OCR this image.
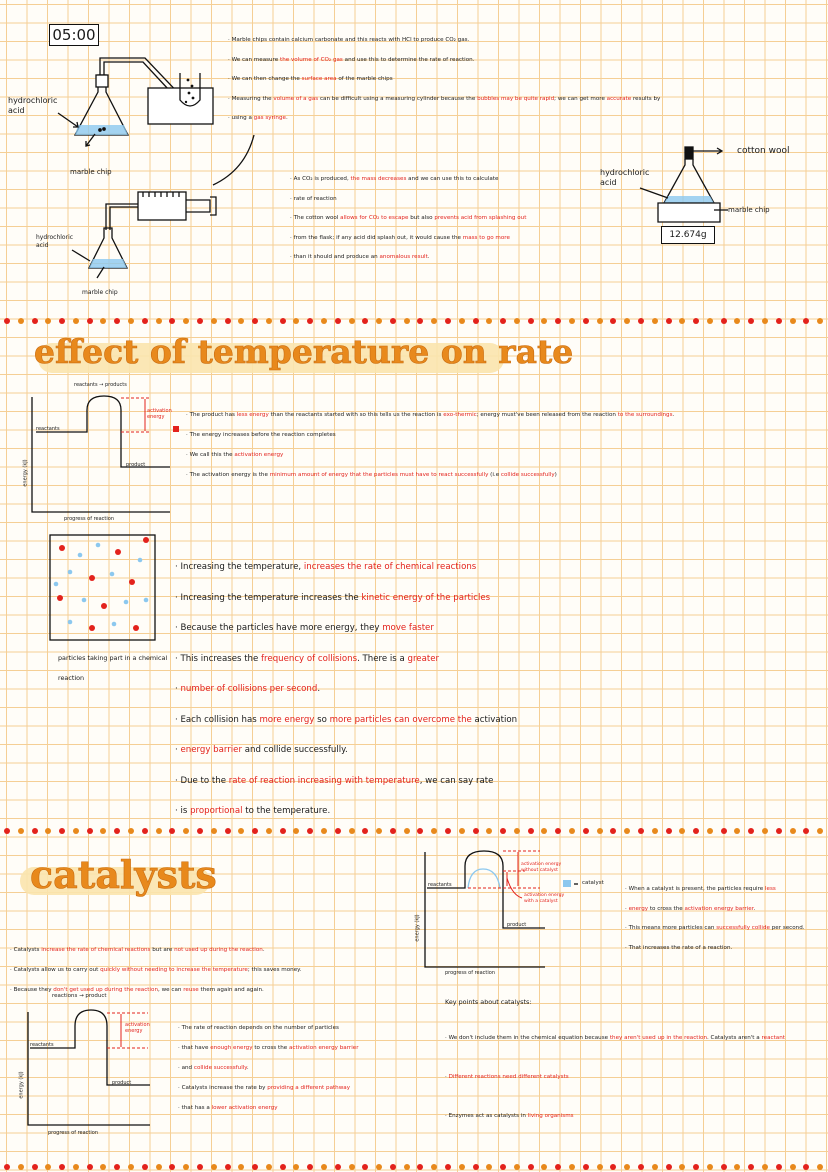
05:00
12.674g
hydrochloric acid
marble chip
hydrochloric acid
marble chip
hydrochloric acid
marble chip
cotton wool
· Marble chips contain calcium carbonate and this reacts with HCl to produce CO₂ gas.
· We can measure the volume of CO₂ gas and use this to determine the rate of reaction.
· We can then change the surface area of the marble chips
· Measuring the volume of a gas can be difficult using a measuring cylinder because the bubbles may be quite rapid; we can get more accurate results by
· using a gas syringe.
· As CO₂ is produced, the mass decreases and we can use this to calculate
· rate of reaction
· The cotton wool allows for CO₂ to escape but also prevents acid from splashing out
· from the flask; if any acid did splash out, it would cause the mass to go more
· than it should and produce an anomalous result.
effect of temperature on rate
reactants → products
reactants
product
activation energy
energy (kJ)
progress of reaction
· The product has less energy than the reactants started with so this tells us the reaction is exo-thermic; energy must've been released from the reaction to the surroundings.
· The energy increases before the reaction completes
· We call this the activation energy
· The activation energy is the minimum amount of energy that the particles must have to react successfully (i.e collide successfully)
particles taking part in a chemical reaction
· Increasing the temperature, increases the rate of chemical reactions
· Increasing the temperature increases the kinetic energy of the particles
· Because the particles have more energy, they move faster
· This increases the frequency of collisions. There is a greater
· number of collisions per second.
· Each collision has more energy so more particles can overcome the activation
· energy barrier and collide successfully.
· Due to the rate of reaction increasing with temperature, we can say rate
· is proportional to the temperature.
catalysts
· Catalysts increase the rate of chemical reactions but are not used up during the reaction.
· Catalysts allow us to carry out quickly without needing to increase the temperature; this saves money.
· Because they don't get used up during the reaction, we can reuse them again and again.
reactions → product
reactants
product
activation energy
energy (kJ)
progress of reaction
· The rate of reaction depends on the number of particles
· that have enough energy to cross the activation energy barrier
· and collide successfully.
· Catalysts increase the rate by providing a different pathway
· that has a lower activation energy
reactants
product
activation energy without catalyst
activation energy with a catalyst
catalyst
energy (kJ)
progress of reaction
· When a catalyst is present, the particles require less
· energy to cross the activation energy barrier.
· This means more particles can successfully collide per second.
· That increases the rate of a reaction.
Key points about catalysts:
· We don't include them in the chemical equation because they aren't used up in the reaction. Catalysts aren't a reactant
· Different reactions need different catalysts
· Enzymes act as catalysts in living organisms
